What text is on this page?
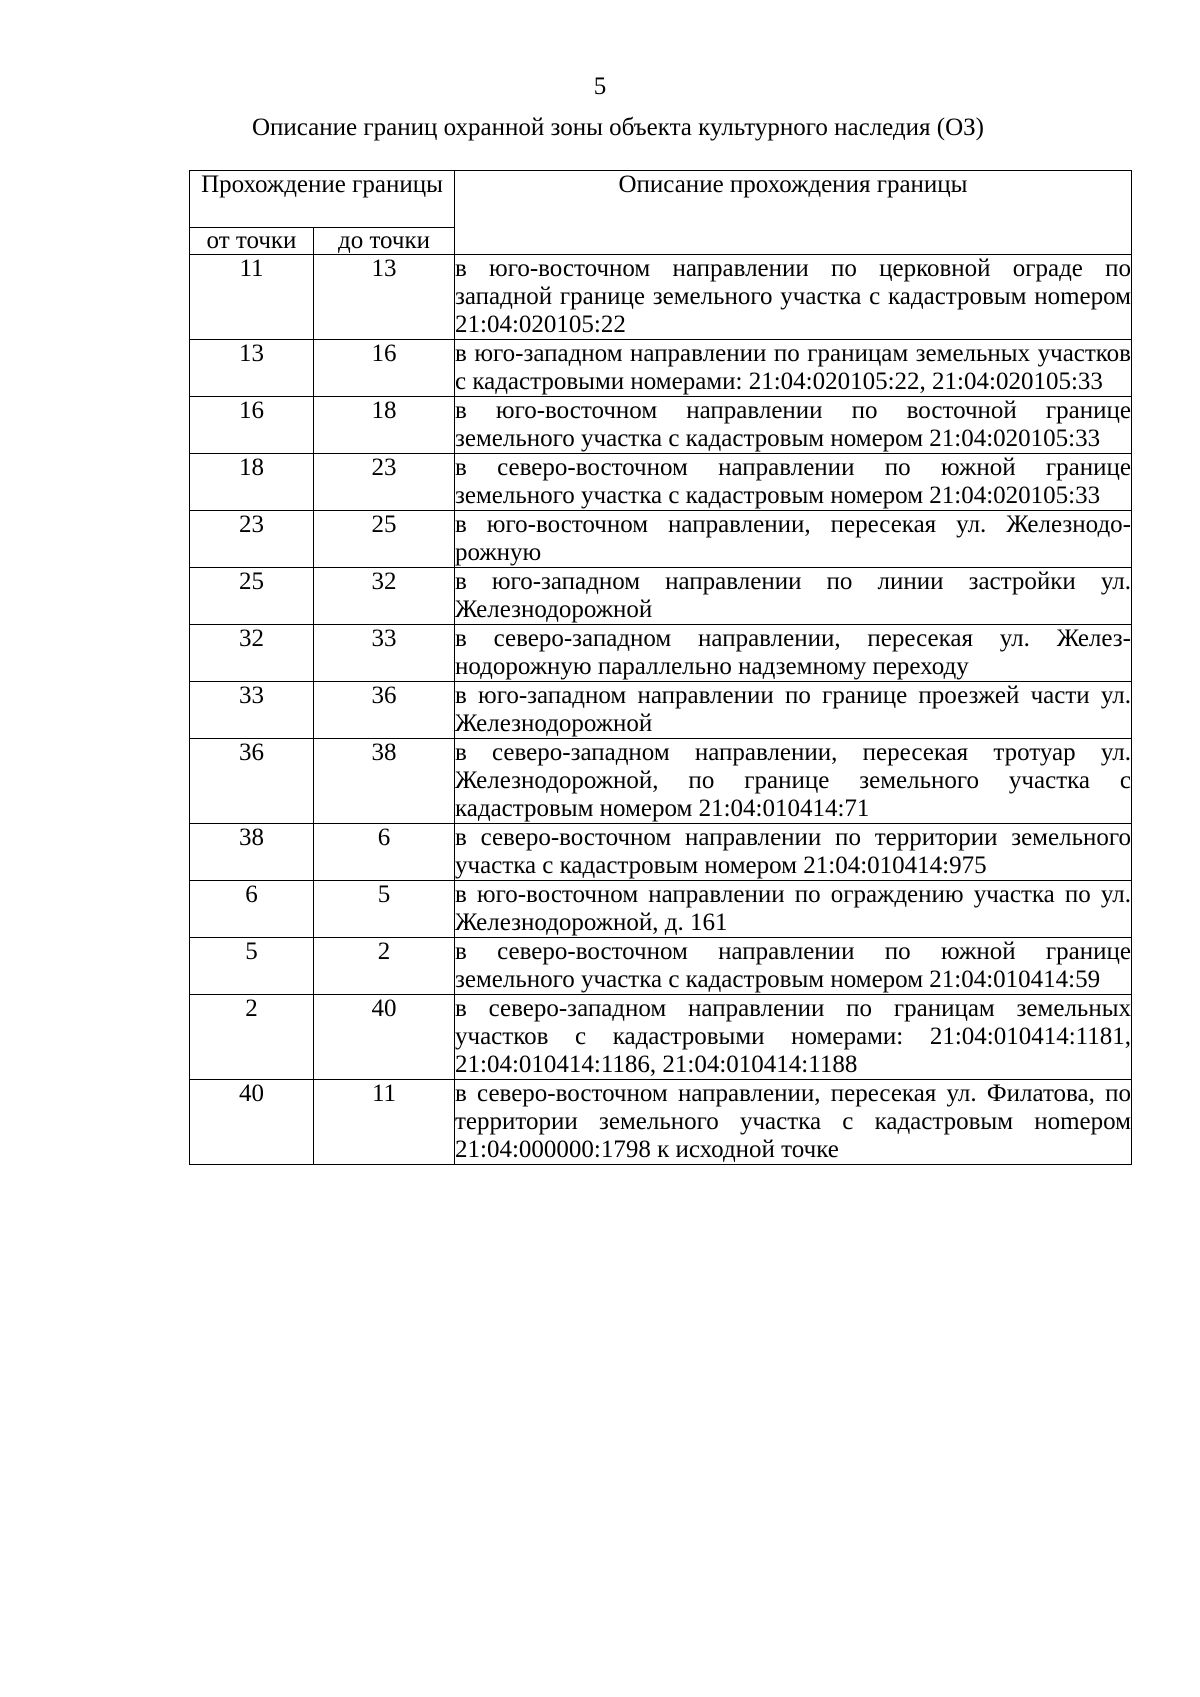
5
Описание границ охранной зоны объекта культурного наследия (ОЗ)
Прохождение границы		Описание прохождения границы
от точки	до точки	
11	13	в юго-восточном направлении по церковной ограде по западной границе земельного участка с кадастровым ноmером 21:04:020105:22
13	16	в юго-западном направлении по границам земельных участков с кадастровыми номерами: 21:04:020105:22, 21:04:020105:33
16	18	в юго-восточном направлении по восточной границе земельного участка с кадастровым номером 21:04:020105:33
18	23	в северо-восточном направлении по южной границе земельного участка с кадастровым номером 21:04:020105:33
23	25	в юго-восточном направлении, пересекая ул. Железнодорожную
25	32	в юго-западном направлении по линии застройки ул. Железнодорожной
32	33	в северо-западном направлении, пересекая ул. Железнодорожную параллельно надземному переходу
33	36	в юго-западном направлении по границе проезжей части ул. Железнодорожной
36	38	в северо-западном направлении, пересекая тротуар ул. Железнодорожной, по границе земельного участка с кадастровым номером 21:04:010414:71
38	6	в северо-восточном направлении по территории земельного участка с кадастровым номером 21:04:010414:975
6	5	в юго-восточном направлении по ограждению участка по ул. Железнодорожной, д. 161
5	2	в северо-восточном направлении по южной границе земельного участка с кадастровым номером 21:04:010414:59
2	40	в северо-западном направлении по границам земельных участков с кадастровыми номерами: 21:04:010414:1181, 21:04:010414:1186, 21:04:010414:1188
40	11	в северо-восточном направлении, пересекая ул. Филатова, по территории земельного участка с кадастровым ноmером 21:04:000000:1798 к исходной точке
